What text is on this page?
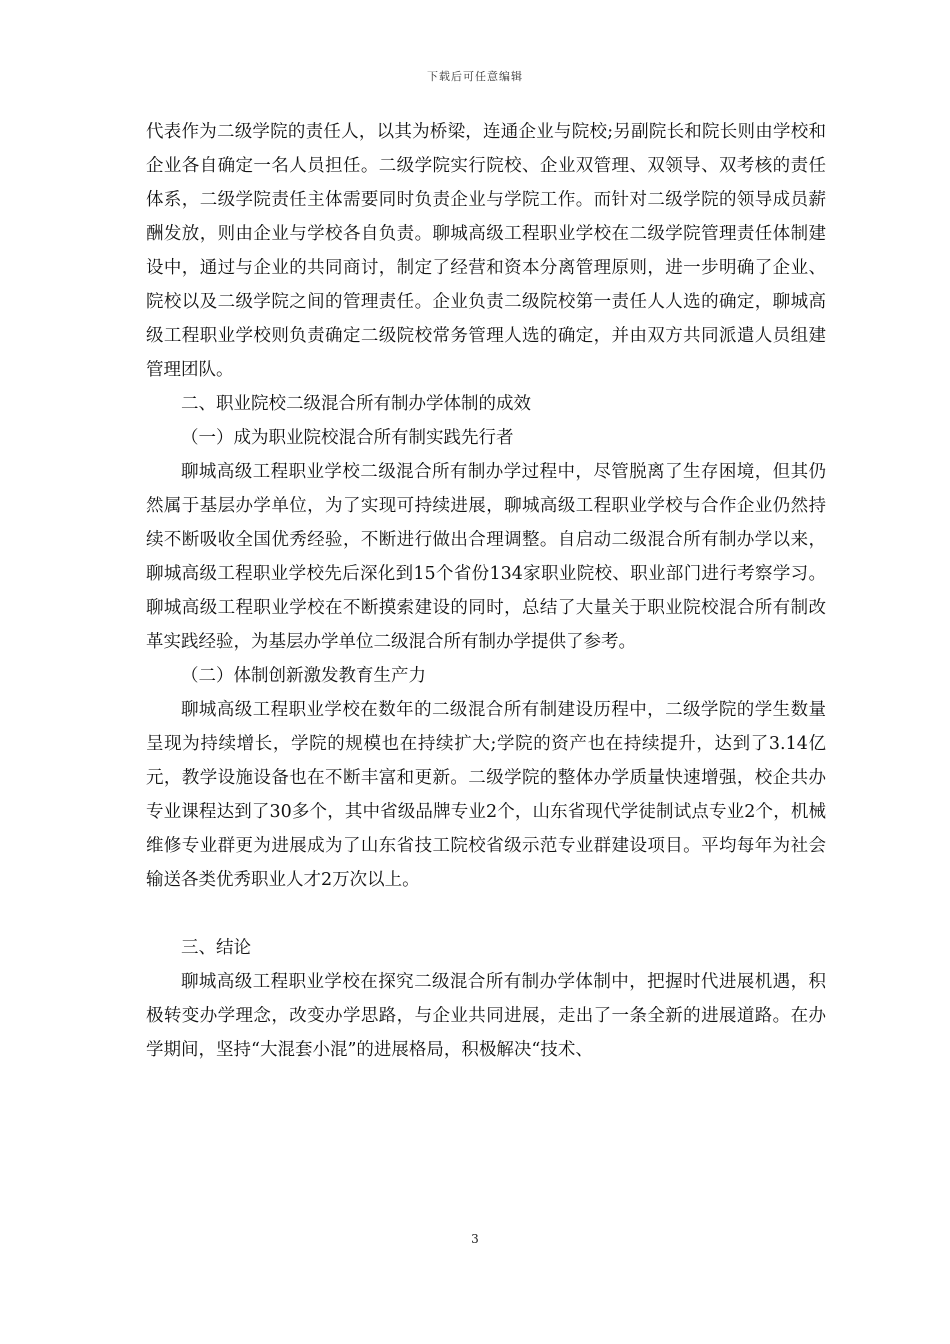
下载后可任意编辑

代表作为二级学院的责任人，以其为桥梁，连通企业与院校;另副院长和院长则由学校和企业各自确定一名人员担任。二级学院实行院校、企业双管理、双领导、双考核的责任体系，二级学院责任主体需要同时负责企业与学院工作。而针对二级学院的领导成员薪酬发放，则由企业与学校各自负责。聊城高级工程职业学校在二级学院管理责任体制建设中，通过与企业的共同商讨，制定了经营和资本分离管理原则，进一步明确了企业、院校以及二级学院之间的管理责任。企业负责二级院校第一责任人人选的确定，聊城高级工程职业学校则负责确定二级院校常务管理人选的确定，并由双方共同派遣人员组建管理团队。

二、职业院校二级混合所有制办学体制的成效

（一）成为职业院校混合所有制实践先行者

聊城高级工程职业学校二级混合所有制办学过程中，尽管脱离了生存困境，但其仍然属于基层办学单位，为了实现可持续进展，聊城高级工程职业学校与合作企业仍然持续不断吸收全国优秀经验，不断进行做出合理调整。自启动二级混合所有制办学以来，聊城高级工程职业学校先后深化到15个省份134家职业院校、职业部门进行考察学习。聊城高级工程职业学校在不断摸索建设的同时，总结了大量关于职业院校混合所有制改革实践经验，为基层办学单位二级混合所有制办学提供了参考。

（二）体制创新激发教育生产力

聊城高级工程职业学校在数年的二级混合所有制建设历程中，二级学院的学生数量呈现为持续增长，学院的规模也在持续扩大;学院的资产也在持续提升，达到了3.14亿元，教学设施设备也在不断丰富和更新。二级学院的整体办学质量快速增强，校企共办专业课程达到了30多个，其中省级品牌专业2个，山东省现代学徒制试点专业2个，机械维修专业群更为进展成为了山东省技工院校省级示范专业群建设项目。平均每年为社会输送各类优秀职业人才2万次以上。

三、结论

聊城高级工程职业学校在探究二级混合所有制办学体制中，把握时代进展机遇，积极转变办学理念，改变办学思路，与企业共同进展，走出了一条全新的进展道路。在办学期间，坚持“大混套小混”的进展格局，积极解决“技术、

3
